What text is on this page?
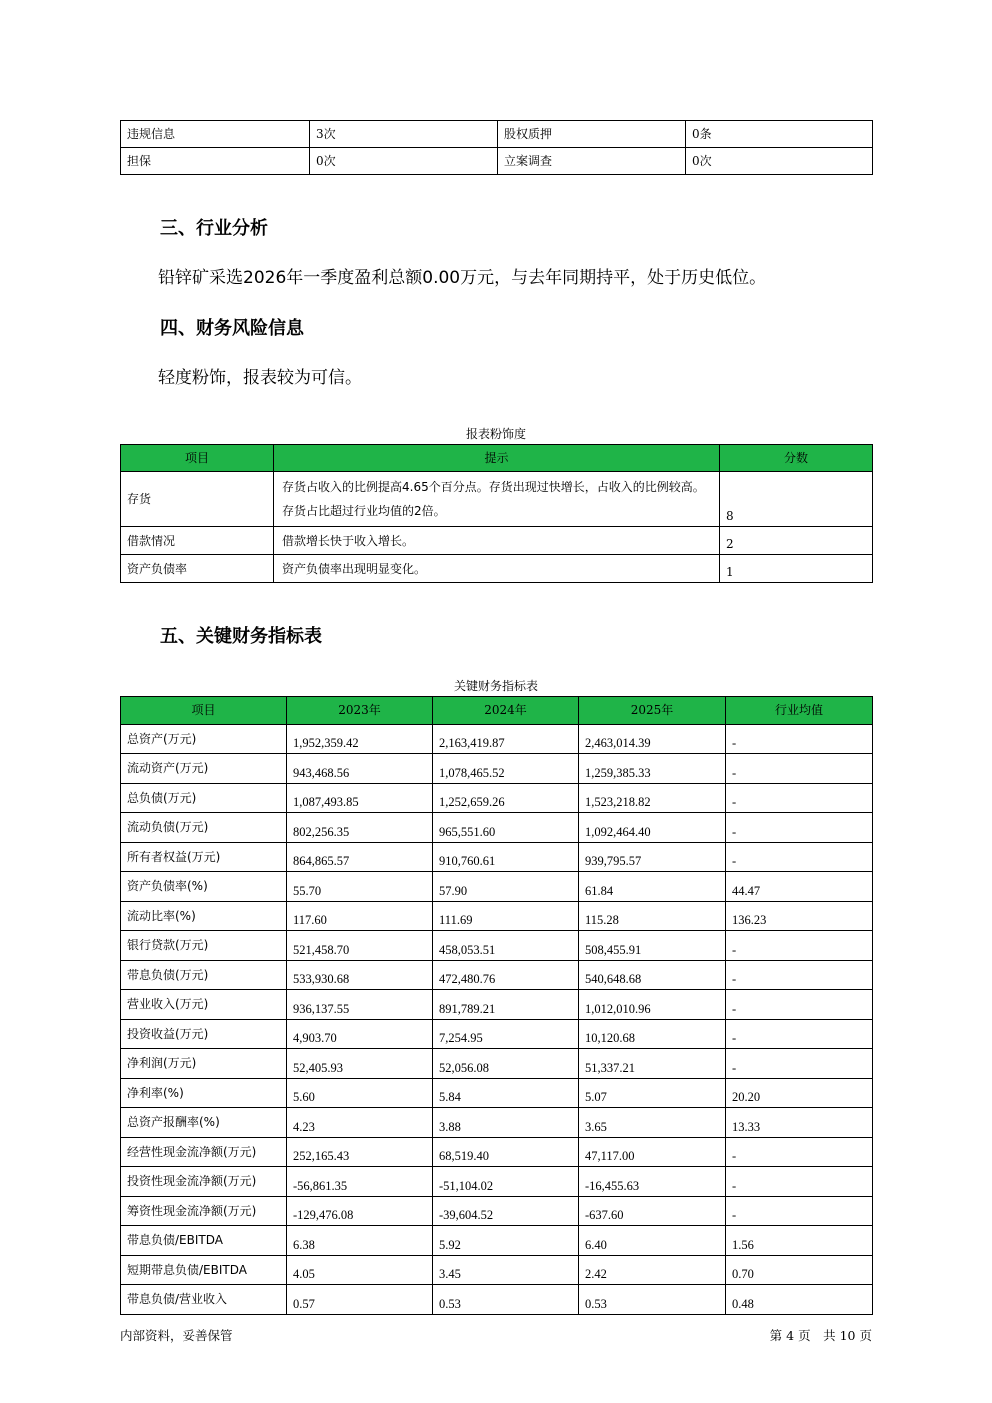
违规信息	3次	股权质押	0条
担保	0次	立案调查	0次
三、行业分析

铅锌矿采选2026年一季度盈利总额0.00万元，与去年同期持平，处于历史低位。

四、财务风险信息

轻度粉饰，报表较为可信。

报表粉饰度
项目	提示	分数
存货	存货占收入的比例提高4.65个百分点。存货出现过快增长，占收入的比例较高。存货占比超过行业均值的2倍。	8
借款情况	借款增长快于收入增长。	2
资产负债率	资产负债率出现明显变化。	1
五、关键财务指标表
关键财务指标表
项目	2023年	2024年	2025年	行业均值
总资产(万元)	1,952,359.42	2,163,419.87	2,463,014.39	-
流动资产(万元)	943,468.56	1,078,465.52	1,259,385.33	-
总负债(万元)	1,087,493.85	1,252,659.26	1,523,218.82	-
流动负债(万元)	802,256.35	965,551.60	1,092,464.40	-
所有者权益(万元)	864,865.57	910,760.61	939,795.57	-
资产负债率(%)	55.70	57.90	61.84	44.47
流动比率(%)	117.60	111.69	115.28	136.23
银行贷款(万元)	521,458.70	458,053.51	508,455.91	-
带息负债(万元)	533,930.68	472,480.76	540,648.68	-
营业收入(万元)	936,137.55	891,789.21	1,012,010.96	-
投资收益(万元)	4,903.70	7,254.95	10,120.68	-
净利润(万元)	52,405.93	52,056.08	51,337.21	-
净利率(%)	5.60	5.84	5.07	20.20
总资产报酬率(%)	4.23	3.88	3.65	13.33
经营性现金流净额(万元)	252,165.43	68,519.40	47,117.00	-
投资性现金流净额(万元)	-56,861.35	-51,104.02	-16,455.63	-
筹资性现金流净额(万元)	-129,476.08	-39,604.52	-637.60	-
带息负债/EBITDA	6.38	5.92	6.40	1.56
短期带息负债/EBITDA	4.05	3.45	2.42	0.70
带息负债/营业收入	0.57	0.53	0.53	0.48
内部资料，妥善保管	第 4 页　共 10 页
